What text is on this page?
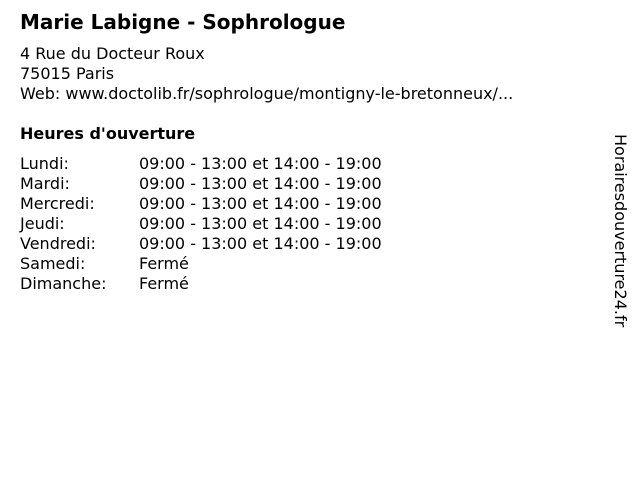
Marie Labigne - Sophrologue
4 Rue du Docteur Roux
75015 Paris
Web: www.doctolib.fr/sophrologue/montigny-le-bretonneux/...
Heures d'ouverture
Lundi:	09:00 - 13:00 et 14:00 - 19:00
Mardi:	09:00 - 13:00 et 14:00 - 19:00
Mercredi:	09:00 - 13:00 et 14:00 - 19:00
Jeudi:	09:00 - 13:00 et 14:00 - 19:00
Vendredi:	09:00 - 13:00 et 14:00 - 19:00
Samedi:	Fermé
Dimanche: Fermé	Horairesdouverture24.fr
